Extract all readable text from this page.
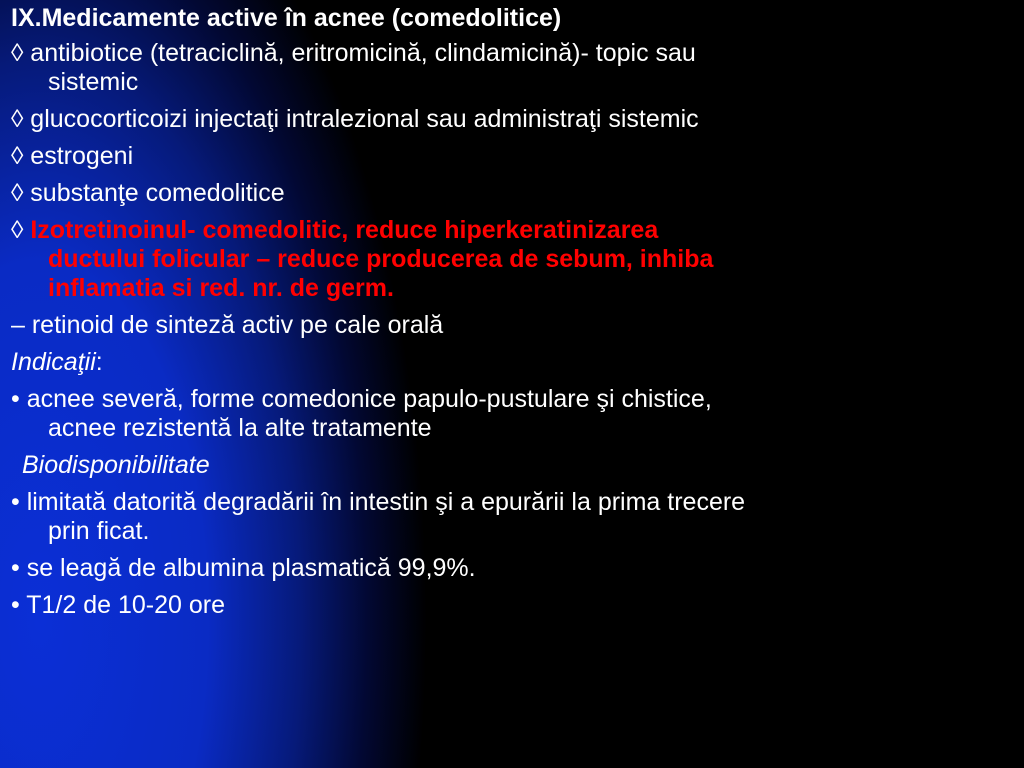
IX.Medicamente active în acnee (comedolitice)
◊ antibiotice (tetraciclină, eritromicină, clindamicină)- topic sau
sistemic
◊ glucocorticoizi injectaţi intralezional sau administraţi sistemic
◊ estrogeni
◊ substanţe comedolitice
◊ Izotretinoinul- comedolitic, reduce hiperkeratinizarea
ductului folicular – reduce producerea de sebum, inhiba
inflamatia si red. nr. de germ.
– retinoid de sinteză activ pe cale orală
Indicaţii:
• acnee severă, forme comedonice papulo-pustulare şi chistice,
acnee rezistentă la alte tratamente
Biodisponibilitate
• limitată datorită degradării în intestin şi a epurării la prima trecere
prin ficat.
• se leagă de albumina plasmatică 99,9%.
• T1/2 de 10-20 ore
